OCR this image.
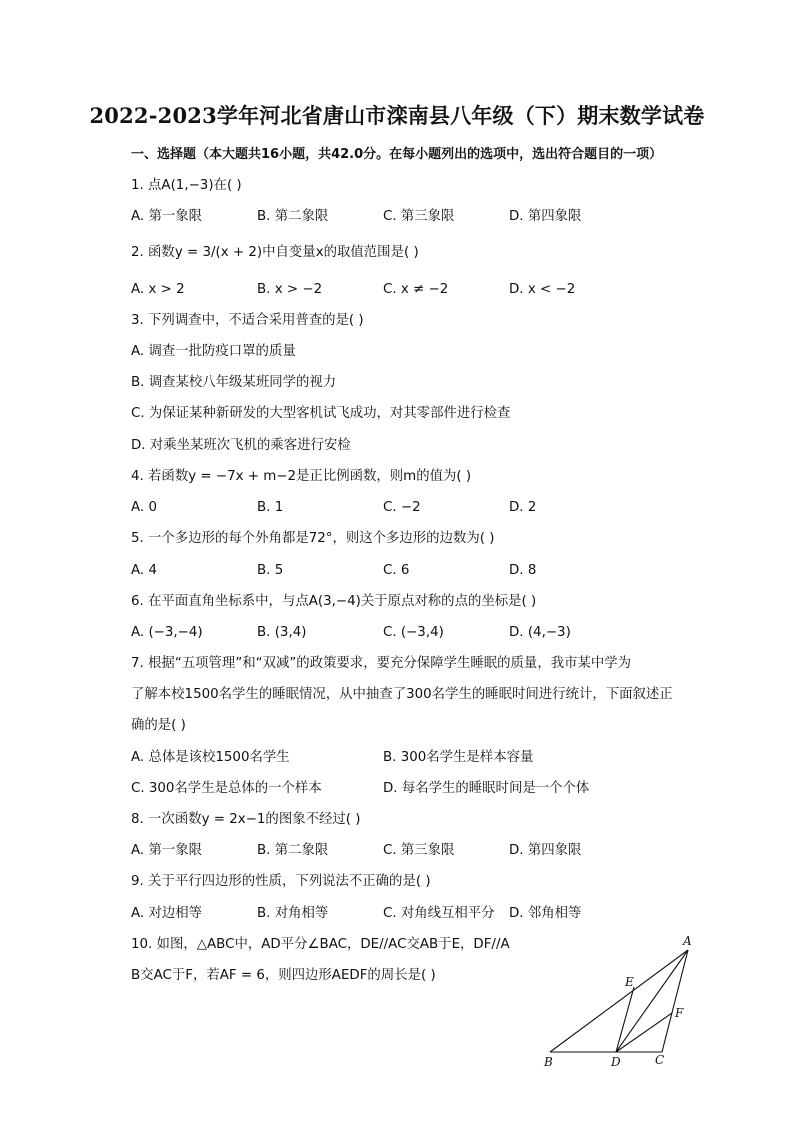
2022-2023学年河北省唐山市滦南县八年级（下）期末数学试卷
一、选择题（本大题共16小题，共42.0分。在每小题列出的选项中，选出符合题目的一项）
1. 点A(1,−3)在( )
A. 第一象限	B. 第二象限	C. 第三象限	D. 第四象限
2. 函数y = 3/(x + 2)中自变量x的取值范围是( )
A. x > 2	B. x > −2	C. x ≠ −2	D. x < −2
3. 下列调查中，不适合采用普查的是( )
A. 调查一批防疫口罩的质量
B. 调查某校八年级某班同学的视力
C. 为保证某种新研发的大型客机试飞成功，对其零部件进行检查
D. 对乘坐某班次飞机的乘客进行安检
4. 若函数y = −7x + m−2是正比例函数，则m的值为( )
A. 0	B. 1	C. −2	D. 2
5. 一个多边形的每个外角都是72°，则这个多边形的边数为( )
A. 4	B. 5	C. 6	D. 8
6. 在平面直角坐标系中，与点A(3,−4)关于原点对称的点的坐标是( )
A. (−3,−4)	B. (3,4)	C. (−3,4)	D. (4,−3)
7. 根据“五项管理”和“双减”的政策要求，要充分保障学生睡眠的质量，我市某中学为
了解本校1500名学生的睡眠情况，从中抽查了300名学生的睡眠时间进行统计，下面叙述正
确的是( )
A. 总体是该校1500名学生	B. 300名学生是样本容量
C. 300名学生是总体的一个样本	D. 每名学生的睡眠时间是一个个体
8. 一次函数y = 2x−1的图象不经过( )
A. 第一象限	B. 第二象限	C. 第三象限	D. 第四象限
9. 关于平行四边形的性质，下列说法不正确的是( )
A. 对边相等	B. 对角相等	C. 对角线互相平分 D. 邻角相等
10. 如图，△ABC中，AD平分∠BAC，DE//AC交AB于E，DF//A
B交AC于F，若AF = 6，则四边形AEDF的周长是( )
A
B	C
D
E
F
